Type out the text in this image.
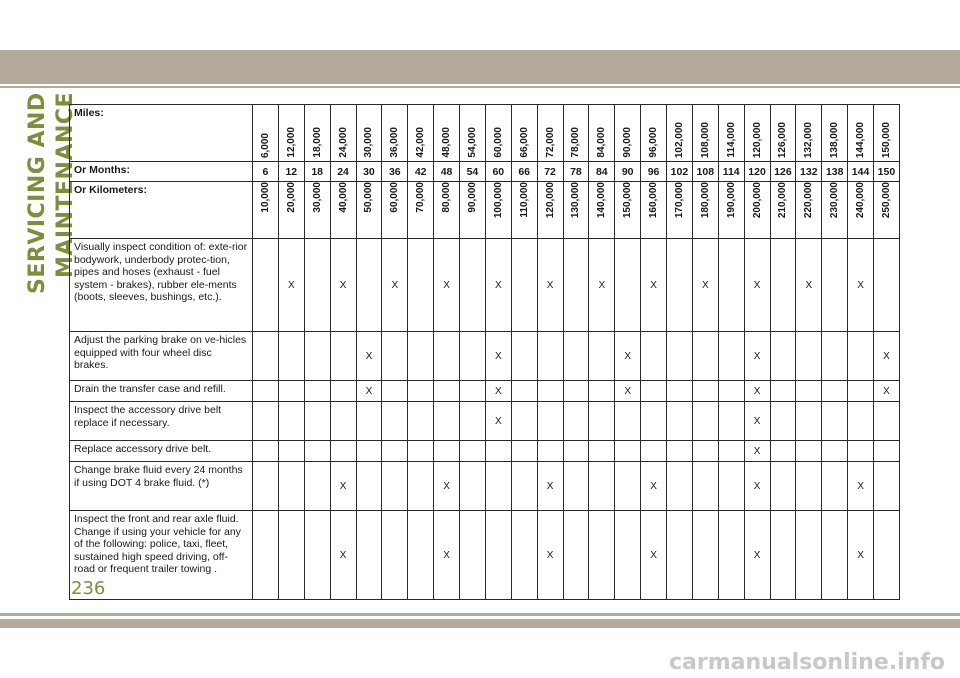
SERVICING AND MAINTENANCE
Miles:	6,000	12,000	18,000	24,000	30,000	36,000	42,000	48,000	54,000	60,000	66,000	72,000	78,000	84,000	90,000	96,000	102,000	108,000	114,000	120,000	126,000	132,000	138,000	144,000	150,000
Or Months:	6	12	18	24	30	36	42	48	54	60	66	72	78	84	90	96	102	108	114	120	126	132	138	144	150
Or Kilometers:	10,000	20,000	30,000	40,000	50,000	60,000	70,000	80,000	90,000	100,000	110,000	120,000	130,000	140,000	150,000	160,000	170,000	180,000	190,000	200,000	210,000	220,000	230,000	240,000	250,000
Visually inspect condition of: exte-rior bodywork, underbody protec-tion, pipes and hoses (exhaust - fuel system - brakes), rubber ele-ments (boots, sleeves, bushings, etc.).		X		X		X		X		X		X		X		X		X		X		X		X	
Adjust the parking brake on ve-hicles equipped with four wheel disc brakes.					X					X					X					X					X
Drain the transfer case and refill.					X					X					X					X					X
Inspect the accessory drive belt replace if necessary.										X										X					
Replace accessory drive belt.																				X					
Change brake fluid every 24 months if using DOT 4 brake fluid. (*)				X				X				X				X				X				X	
Inspect the front and rear axle fluid. Change if using your vehicle for any of the following: police, taxi, fleet, sustained high speed driving, off-road or frequent trailer towing .				X				X				X				X				X				X	
236
carmanualsonline.info
